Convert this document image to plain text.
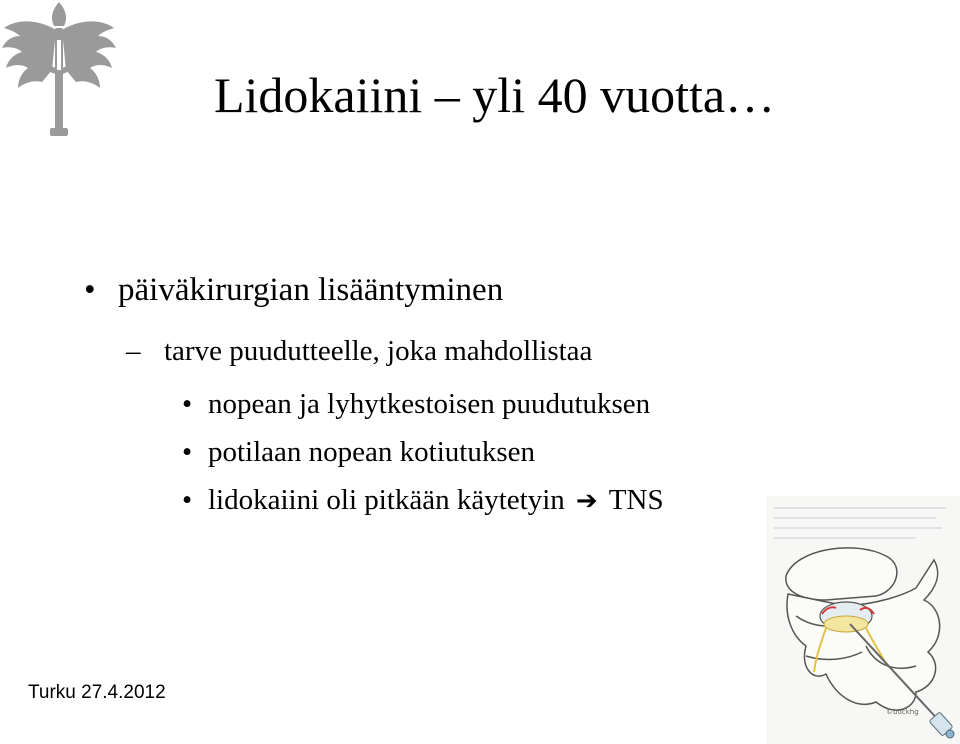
Lidokaiini – yli 40 vuotta…
• päiväkirurgian lisääntyminen
– tarve puudutteelle, joka mahdollistaa
• nopean ja lyhytkestoisen puudutuksen
• potilaan nopean kotiutuksen
• lidokaiini oli pitkään käytetyin ➔ TNS
Turku 27.4.2012
©buckhg
